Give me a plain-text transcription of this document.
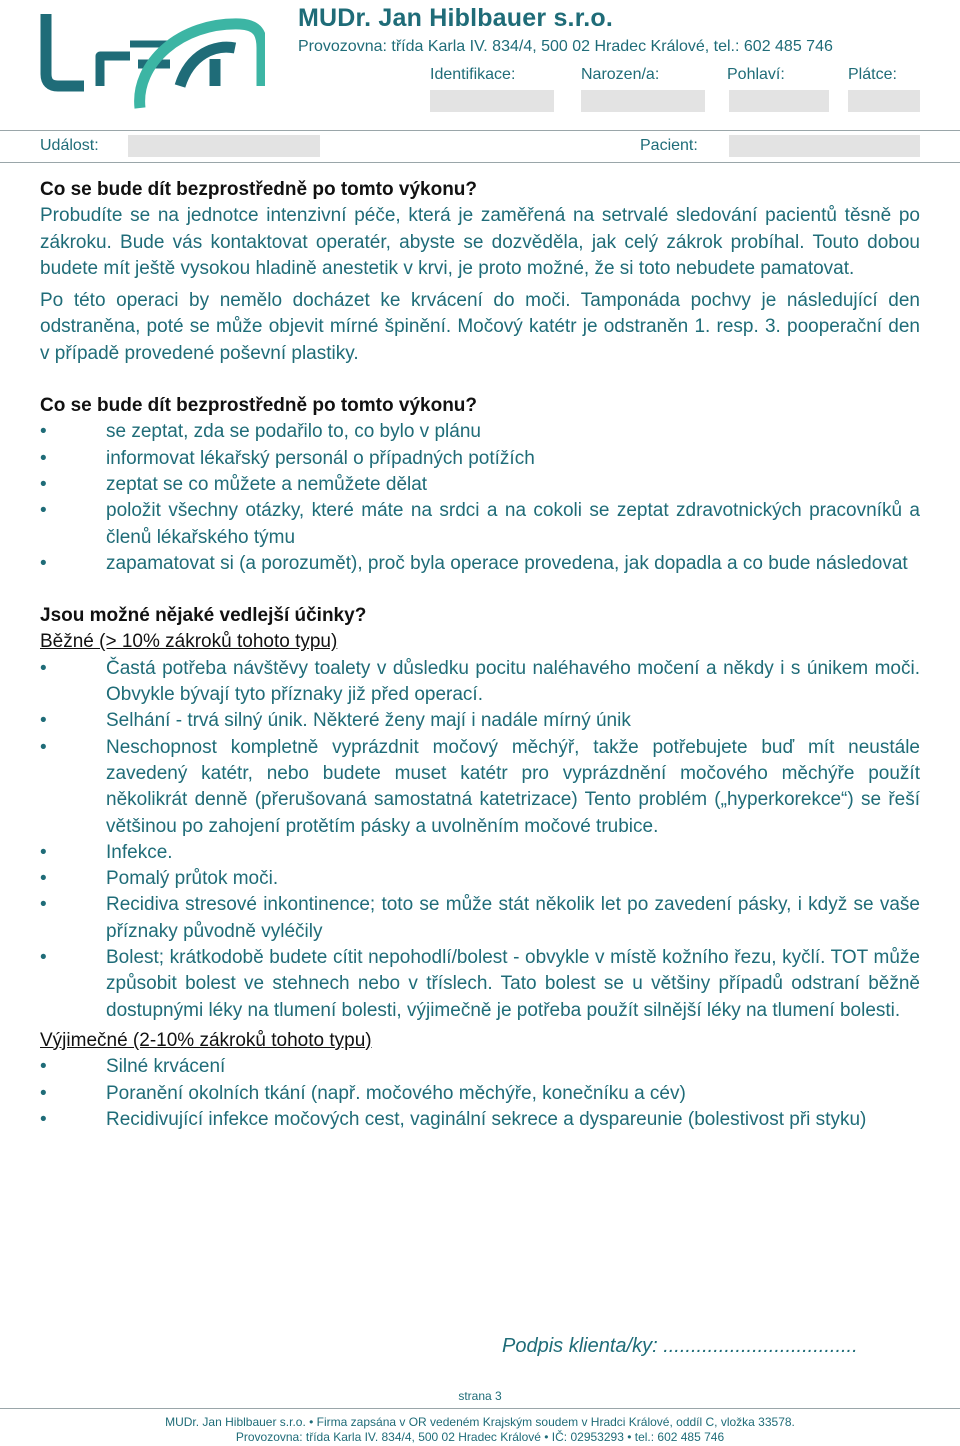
MUDr. Jan Hiblbauer s.r.o.
Provozovna: třída Karla IV. 834/4, 500 02 Hradec Králové, tel.: 602 485 746
Identifikace:	Narozen/a:	Pohlaví:	Plátce:
Událost:	Pacient:

Co se bude dít bezprostředně po tomto výkonu?

Probudíte se na jednotce intenzivní péče, která je zaměřená na setrvalé sledování pacientů těsně po zákroku. Bude vás kontaktovat operatér, abyste se dozvěděla, jak celý zákrok probíhal. Touto dobou budete mít ještě vysokou hladině anestetik v krvi, je proto možné, že si toto nebudete pamatovat.

Po této operaci by nemělo docházet ke krvácení do moči. Tamponáda pochvy je následující den odstraněna, poté se může objevit mírné špinění. Močový katétr je odstraněn 1. resp. 3. pooperační den v případě provedené poševní plastiky.

Co se bude dít bezprostředně po tomto výkonu?

• se zeptat, zda se podařilo to, co bylo v plánu
• informovat lékařský personál o případných potížích
• zeptat se co můžete a nemůžete dělat
• položit všechny otázky, které máte na srdci a na cokoli se zeptat zdravotnických pracovníků a členů lékařského týmu
• zapamatovat si (a porozumět), proč byla operace provedena, jak dopadla a co bude následovat

Jsou možné nějaké vedlejší účinky?

Běžné (> 10% zákroků tohoto typu)

• Častá potřeba návštěvy toalety v důsledku pocitu naléhavého močení a někdy i s únikem moči. Obvykle bývají tyto příznaky již před operací.
• Selhání - trvá silný únik. Některé ženy mají i nadále mírný únik
• Neschopnost kompletně vyprázdnit močový měchýř, takže potřebujete buď mít neustále zavedený katétr, nebo budete muset katétr pro vyprázdnění močového měchýře použít několikrát denně (přerušovaná samostatná katetrizace) Tento problém („hyperkorekce“) se řeší většinou po zahojení protětím pásky a uvolněním močové trubice.
• Infekce.
• Pomalý průtok moči.
• Recidiva stresové inkontinence; toto se může stát několik let po zavedení pásky, i když se vaše příznaky původně vyléčily
• Bolest; krátkodobě budete cítit nepohodlí/bolest - obvykle v místě kožního řezu, kyčlí. TOT může způsobit bolest ve stehnech nebo v tříslech. Tato bolest se u většiny případů odstraní běžně dostupnými léky na tlumení bolesti, výjimečně je potřeba použít silnější léky na tlumení bolesti.

Výjimečné (2-10% zákroků tohoto typu)

• Silné krvácení
• Poranění okolních tkání (např. močového měchýře, konečníku a cév)
• Recidivující infekce močových cest, vaginální sekrece a dyspareunie (bolestivost při styku)
Podpis klienta/ky: ...................................
strana 3
MUDr. Jan Hiblbauer s.r.o. • Firma zapsána v OR vedeném Krajským soudem v Hradci Králové, oddíl C, vložka 33578.
Provozovna: třída Karla IV. 834/4, 500 02 Hradec Králové • IČ: 02953293 • tel.: 602 485 746
